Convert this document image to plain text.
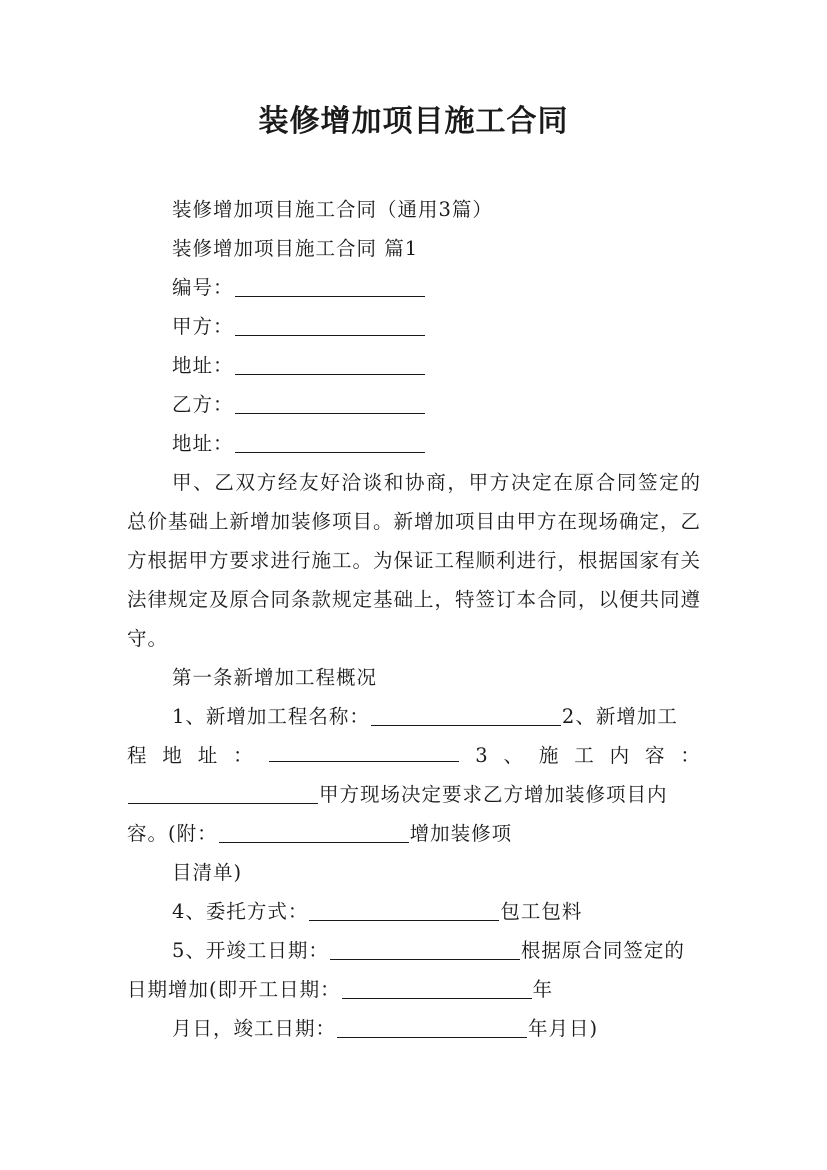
装修增加项目施工合同

装修增加项目施工合同（通用3篇）

装修增加项目施工合同 篇1

编号：

甲方：

地址：

乙方：

地址：

甲、乙双方经友好洽谈和协商，甲方决定在原合同签定的总价基础上新增加装修项目。新增加项目由甲方在现场确定，乙方根据甲方要求进行施工。为保证工程顺利进行，根据国家有关法律规定及原合同条款规定基础上，特签订本合同，以便共同遵守。

第一条新增加工程概况

1、新增加工程名称：	2、新增加工

程 地 址 ：	3 、 施 工 内 容 ：

甲方现场决定要求乙方增加装修项目内

容。(附：	增加装修项

目清单)

4、委托方式：	包工包料

5、开竣工日期：	根据原合同签定的

日期增加(即开工日期：	年

月日，竣工日期：	年月日)
